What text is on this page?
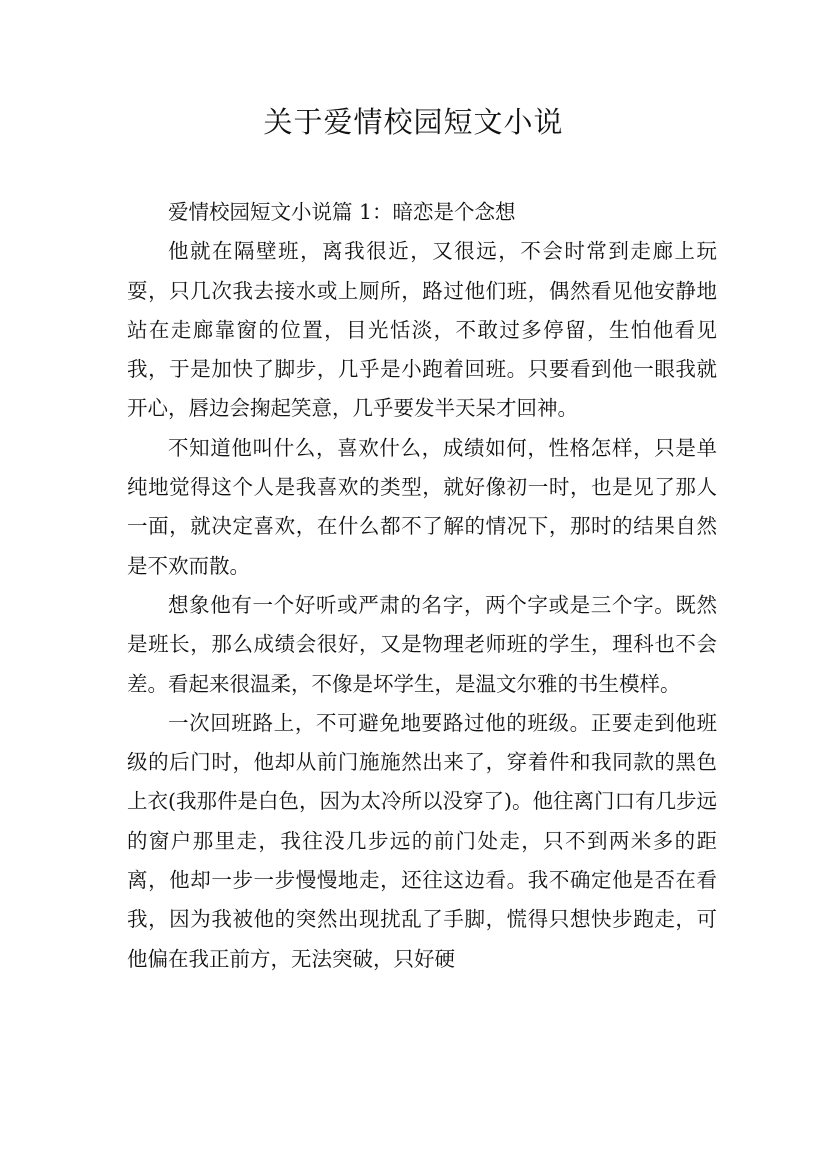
关于爱情校园短文小说

爱情校园短文小说篇 1：暗恋是个念想

他就在隔壁班，离我很近，又很远，不会时常到走廊上玩耍，只几次我去接水或上厕所，路过他们班，偶然看见他安静地站在走廊靠窗的位置，目光恬淡，不敢过多停留，生怕他看见我，于是加快了脚步，几乎是小跑着回班。只要看到他一眼我就开心，唇边会掬起笑意，几乎要发半天呆才回神。

不知道他叫什么，喜欢什么，成绩如何，性格怎样，只是单纯地觉得这个人是我喜欢的类型，就好像初一时，也是见了那人一面，就决定喜欢，在什么都不了解的情况下，那时的结果自然是不欢而散。

想象他有一个好听或严肃的名字，两个字或是三个字。既然是班长，那么成绩会很好，又是物理老师班的学生，理科也不会差。看起来很温柔，不像是坏学生，是温文尔雅的书生模样。

一次回班路上，不可避免地要路过他的班级。正要走到他班级的后门时，他却从前门施施然出来了，穿着件和我同款的黑色上衣(我那件是白色，因为太冷所以没穿了)。他往离门口有几步远的窗户那里走，我往没几步远的前门处走，只不到两米多的距离，他却一步一步慢慢地走，还往这边看。我不确定他是否在看我，因为我被他的突然出现扰乱了手脚，慌得只想快步跑走，可他偏在我正前方，无法突破，只好硬
